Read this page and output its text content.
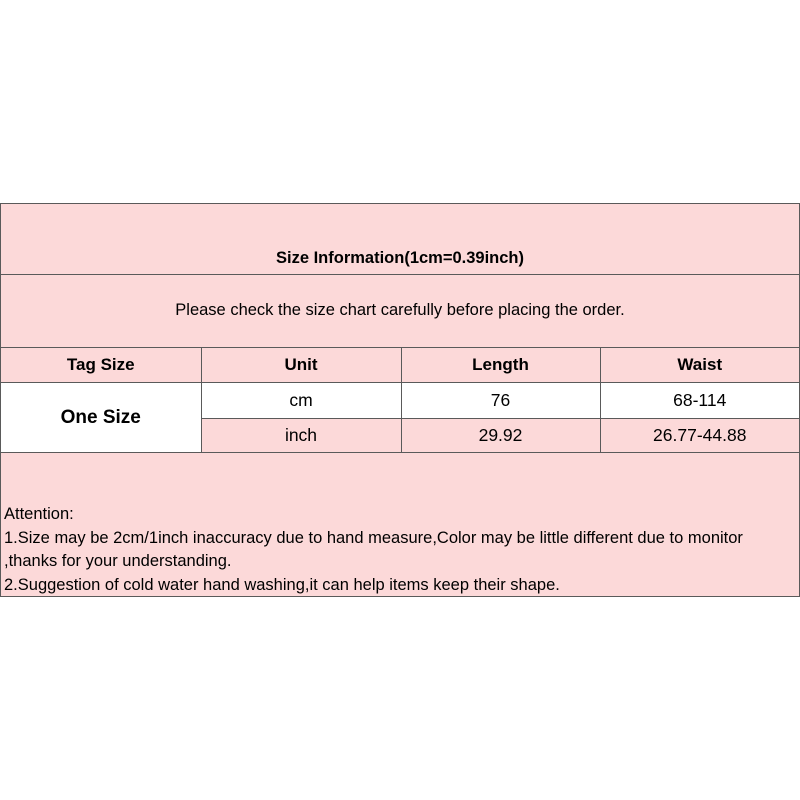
Size Information(1cm=0.39inch)
Please check the size chart carefully before placing the order.
Tag Size	Unit	Length	Waist
One Size	cm	76	68-114
	inch	29.92	26.77-44.88
Attention:
1.Size may be 2cm/1inch inaccuracy due to hand measure,Color may be little different due to monitor ,thanks for your understanding.
2.Suggestion of cold water hand washing,it can help items keep their shape.
